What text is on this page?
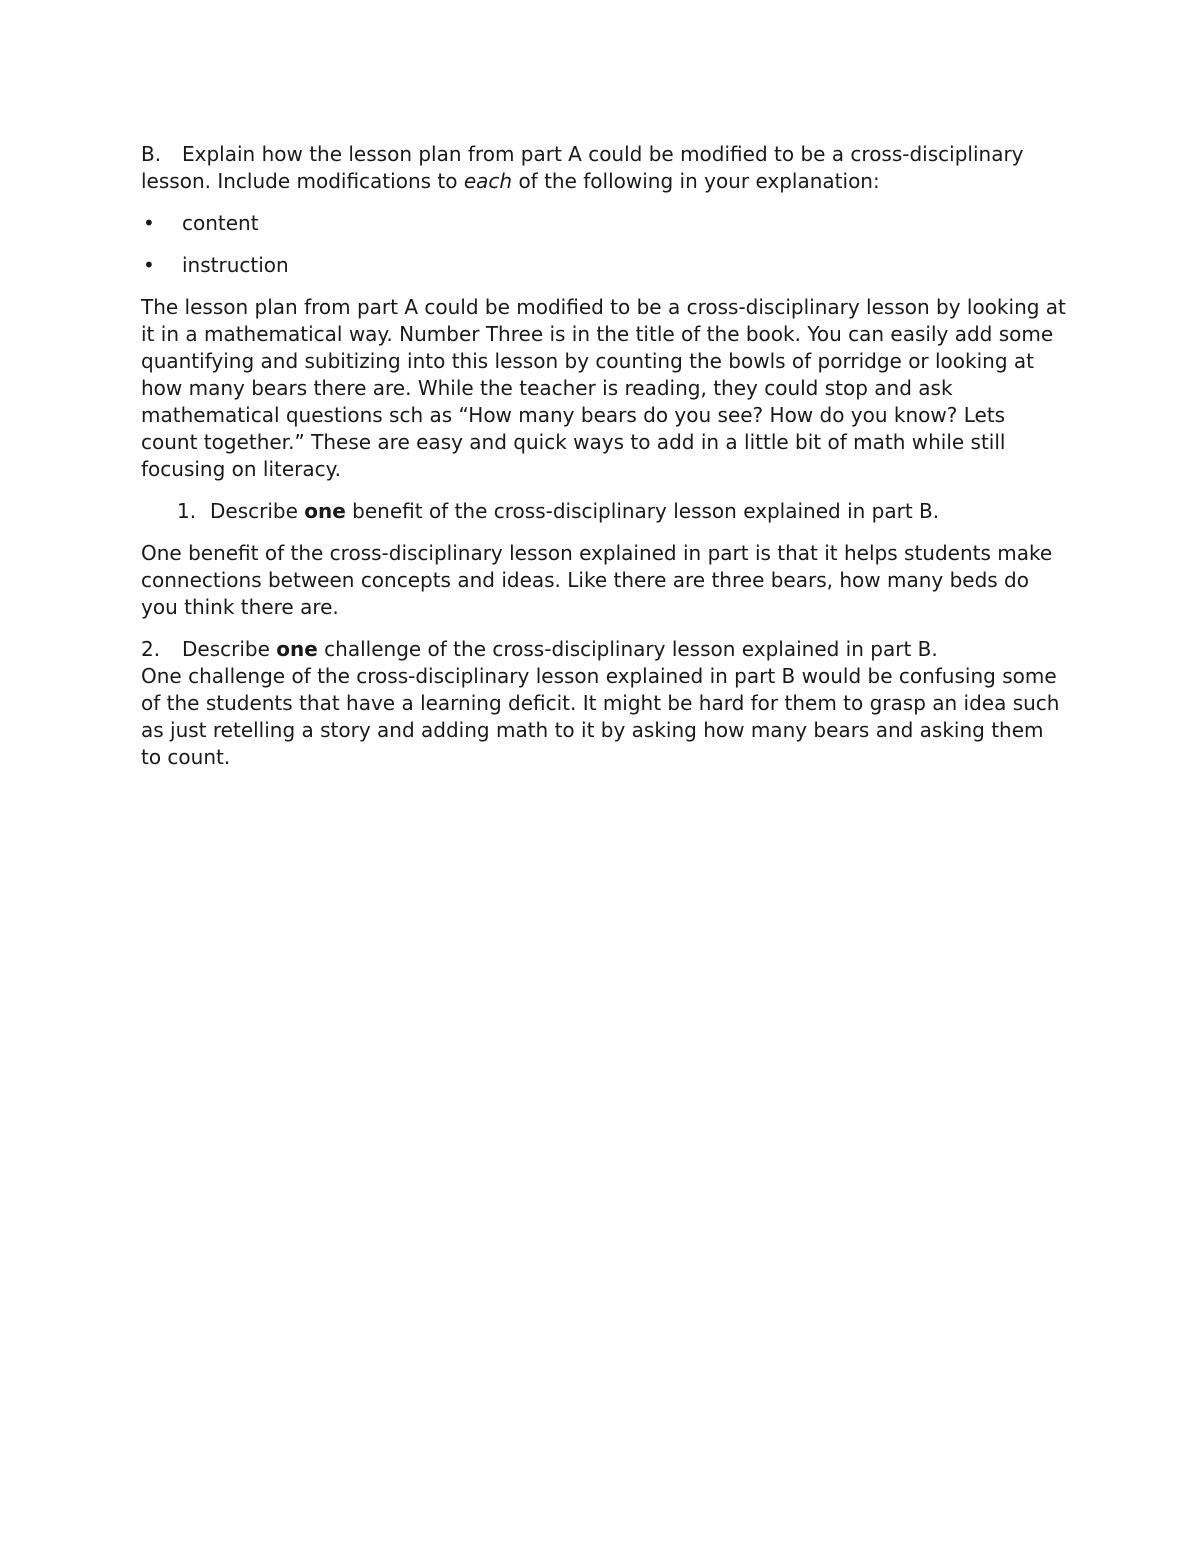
B. Explain how the lesson plan from part A could be modified to be a cross-disciplinary lesson. Include modifications to each of the following in your explanation:

•	content
•	instruction

The lesson plan from part A could be modified to be a cross-disciplinary lesson by looking at it in a mathematical way. Number Three is in the title of the book. You can easily add some quantifying and subitizing into this lesson by counting the bowls of porridge or looking at how many bears there are. While the teacher is reading, they could stop and ask mathematical questions sch as “How many bears do you see? How do you know? Lets count together.” These are easy and quick ways to add in a little bit of math while still focusing on literacy.

1. Describe one benefit of the cross-disciplinary lesson explained in part B.

One benefit of the cross-disciplinary lesson explained in part is that it helps students make connections between concepts and ideas. Like there are three bears, how many beds do you think there are.

2.	Describe one challenge of the cross-disciplinary lesson explained in part B.

One challenge of the cross-disciplinary lesson explained in part B would be confusing some of the students that have a learning deficit. It might be hard for them to grasp an idea such as just retelling a story and adding math to it by asking how many bears and asking them to count.
